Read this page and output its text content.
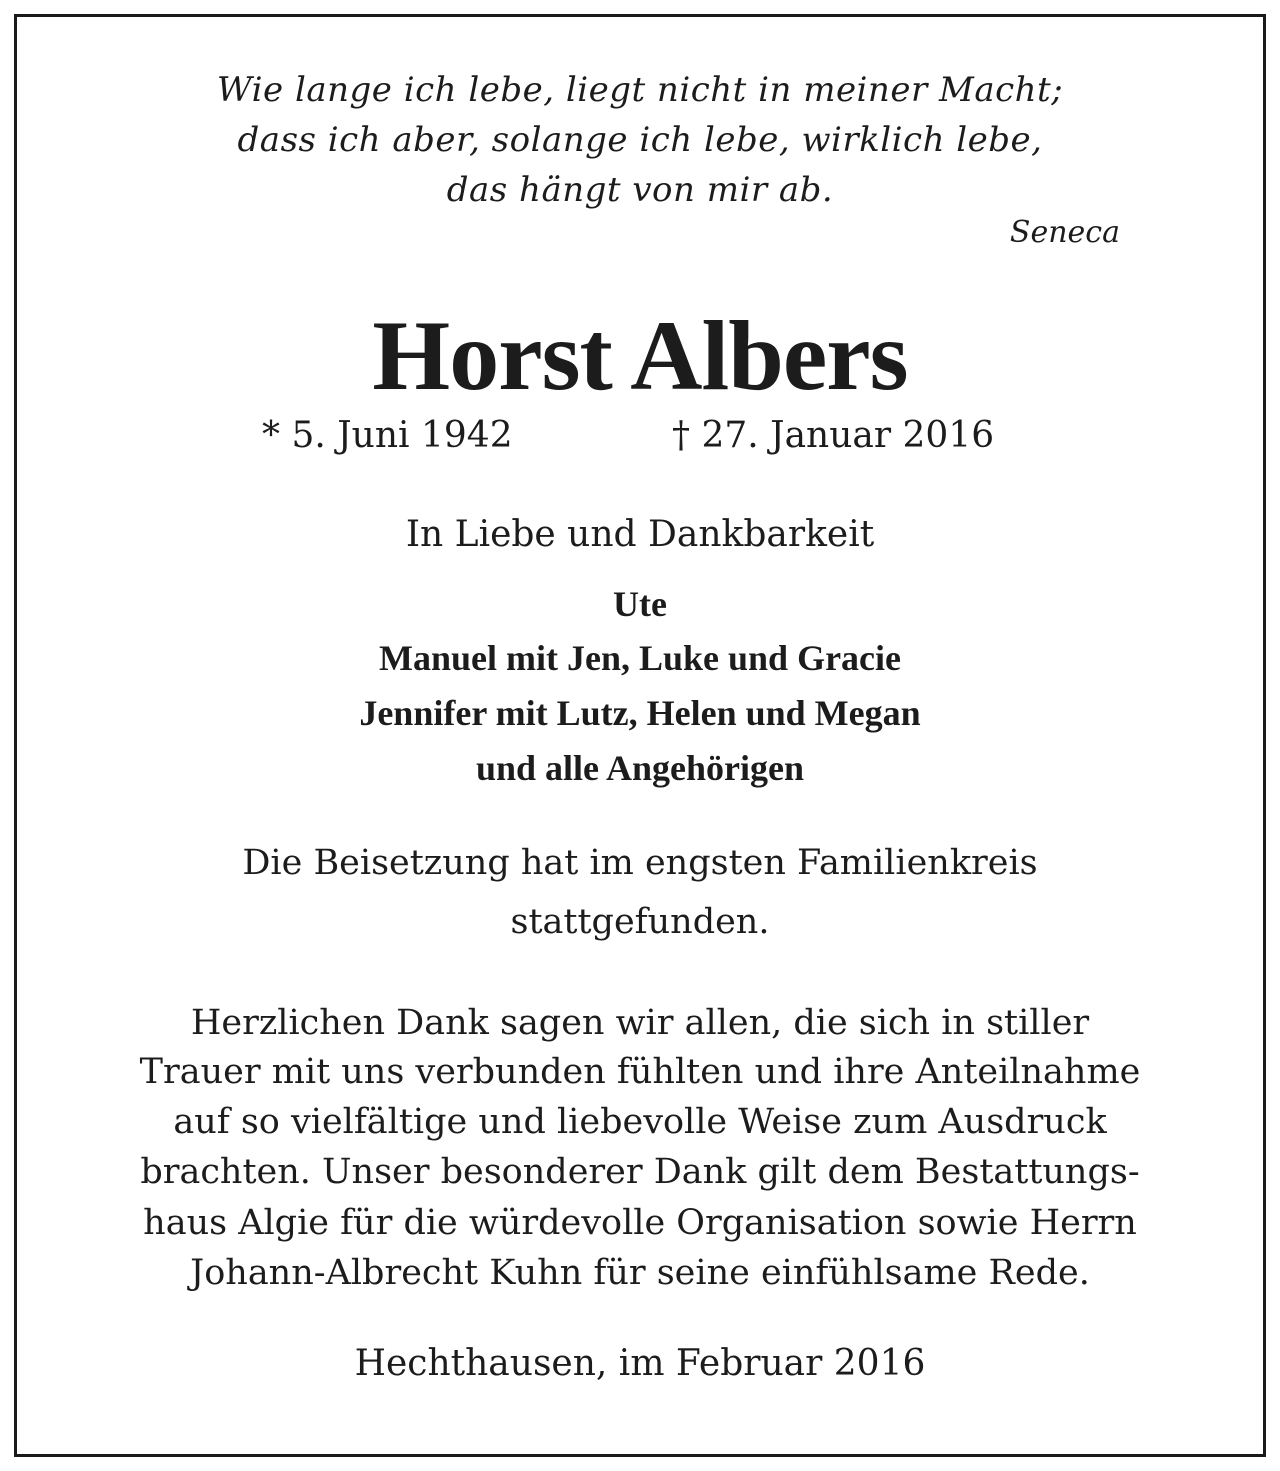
Wie lange ich lebe, liegt nicht in meiner Macht;

dass ich aber, solange ich lebe, wirklich lebe,

das hängt von mir ab.

Seneca

Horst Albers

* 5. Juni 1942	† 27. Januar 2016

In Liebe und Dankbarkeit

Ute

Manuel mit Jen, Luke und Gracie

Jennifer mit Lutz, Helen und Megan

und alle Angehörigen

Die Beisetzung hat im engsten Familienkreis

stattgefunden.

Herzlichen Dank sagen wir allen, die sich in stiller

Trauer mit uns verbunden fühlten und ihre Anteilnahme

auf so vielfältige und liebevolle Weise zum Ausdruck

brachten. Unser besonderer Dank gilt dem Bestattungs-

haus Algie für die würdevolle Organisation sowie Herrn

Johann-Albrecht Kuhn für seine einfühlsame Rede.

Hechthausen, im Februar 2016
